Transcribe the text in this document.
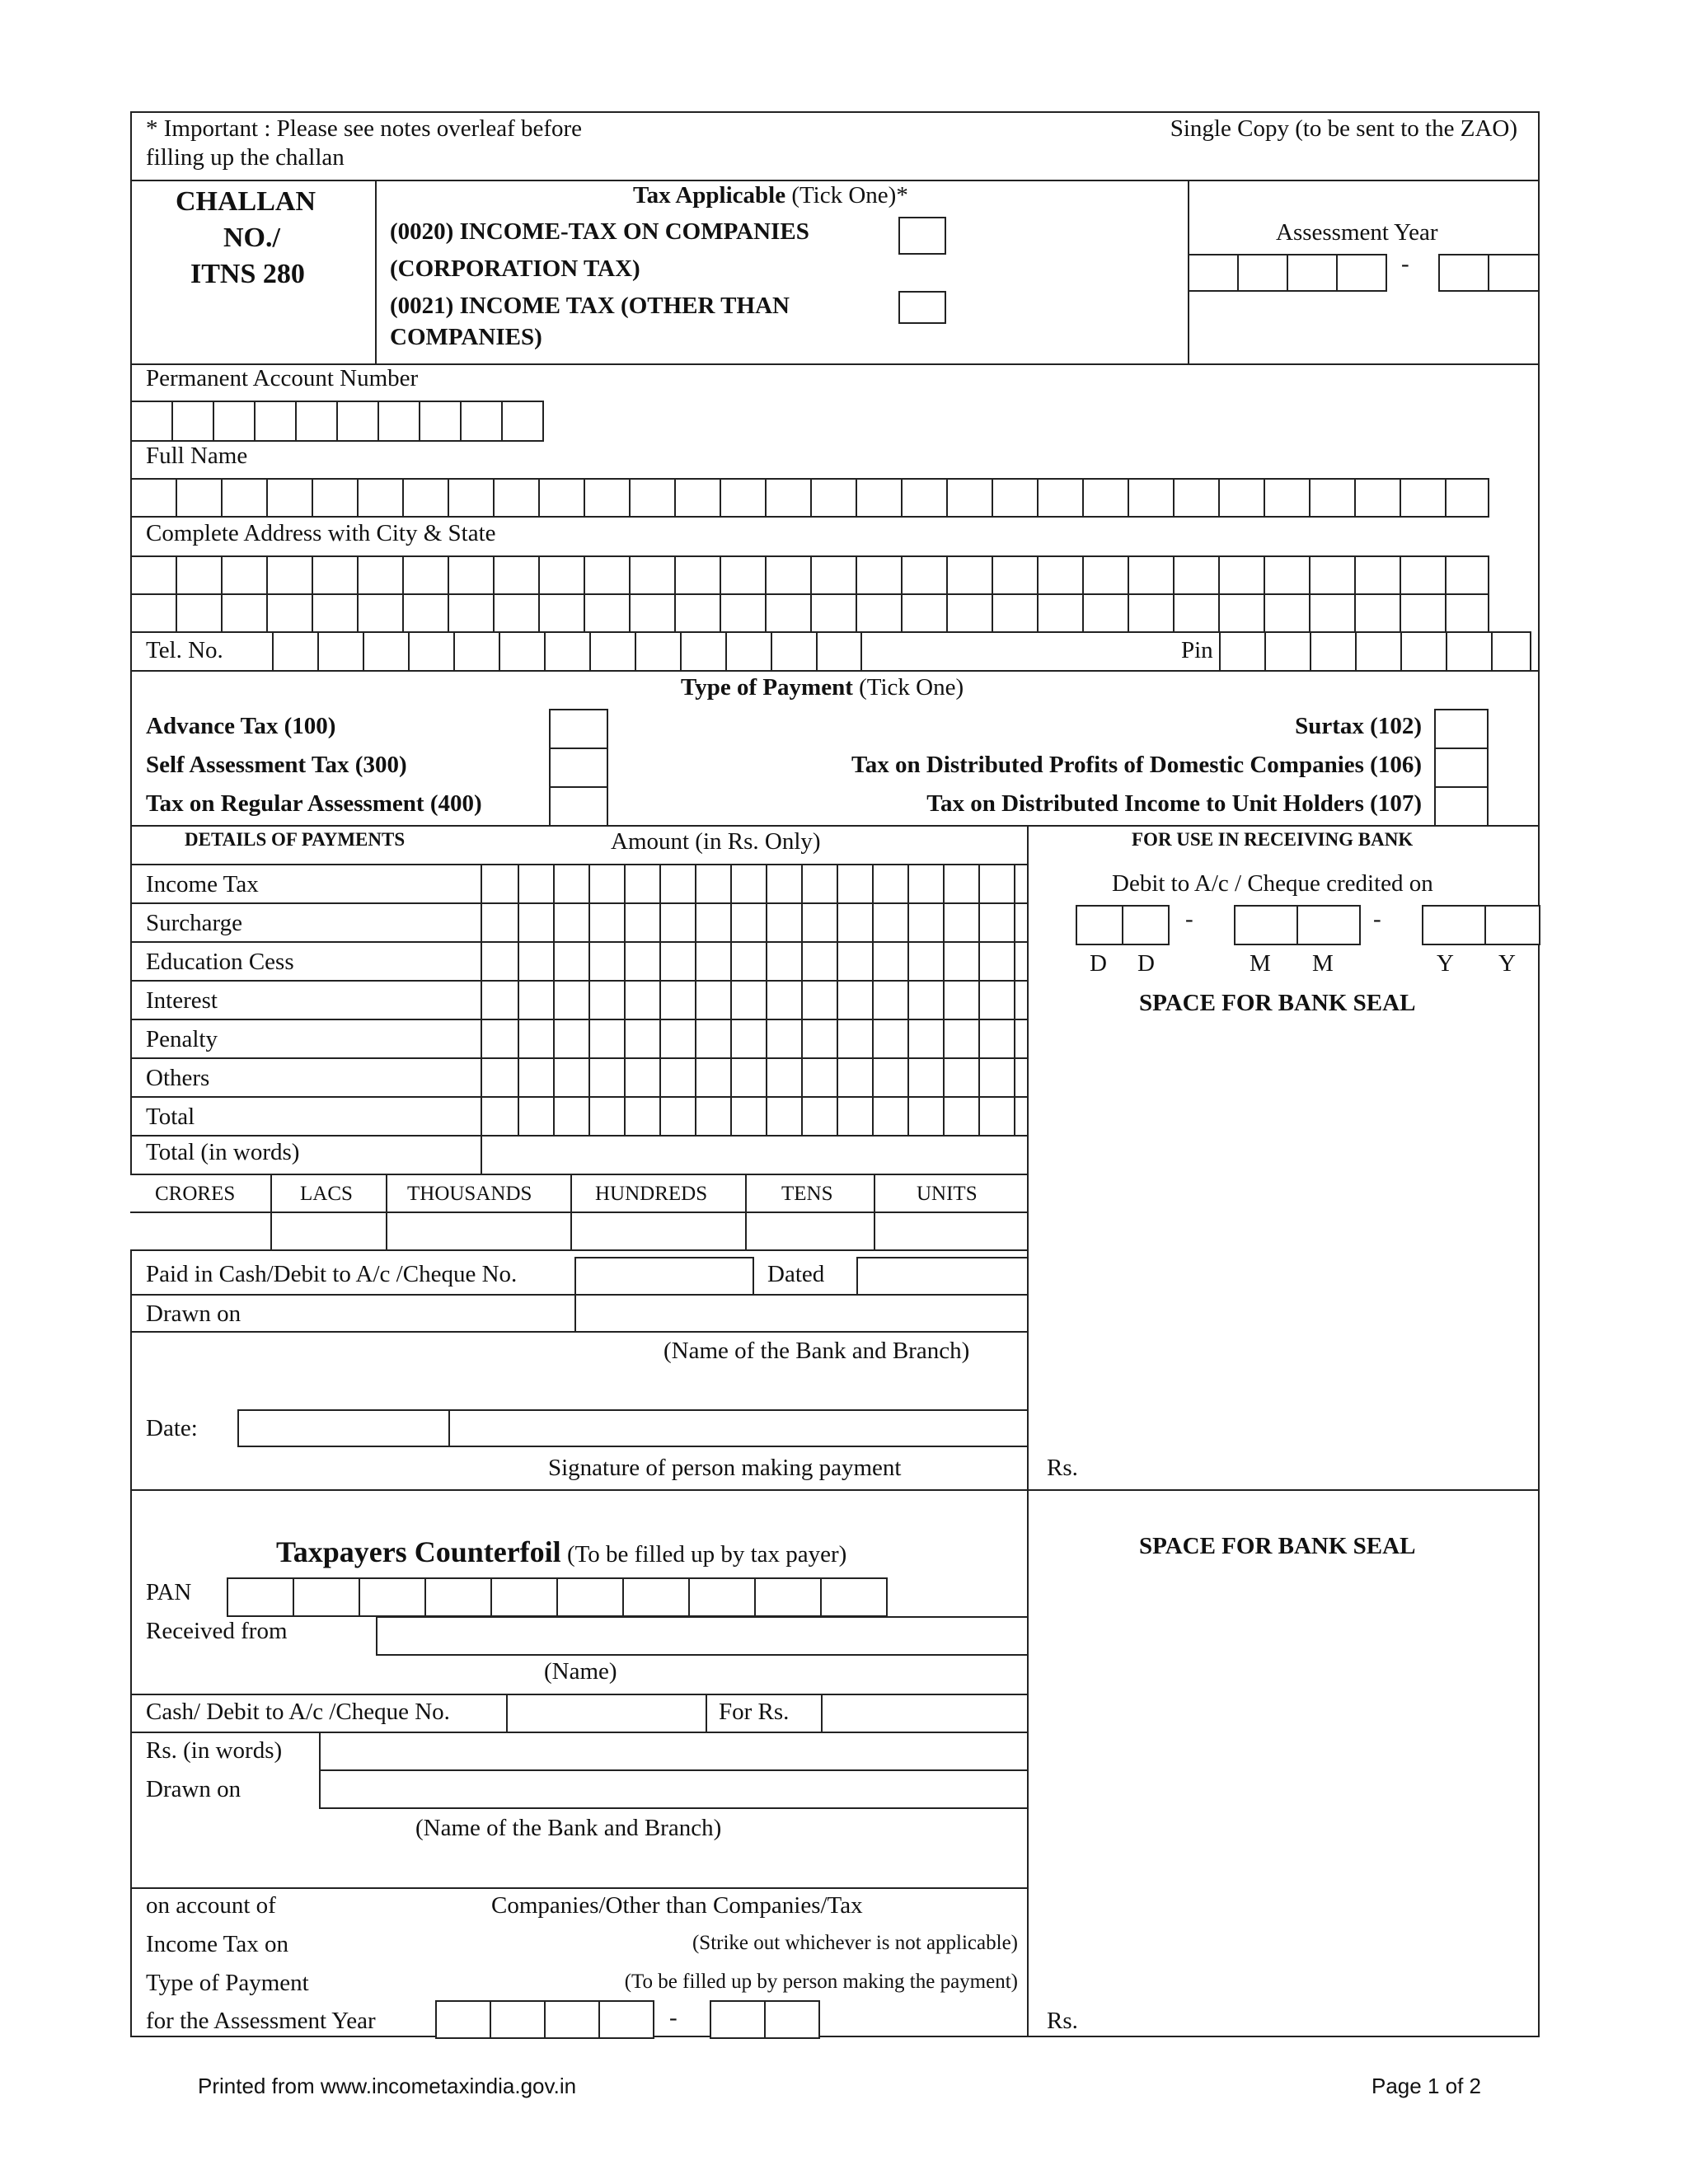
* Important : Please see notes overleaf before
filling up the challan
Single Copy (to be sent to the ZAO)
CHALLAN
NO./
ITNS 280
Tax Applicable (Tick One)*
(0020) INCOME-TAX ON COMPANIES
(CORPORATION TAX)
(0021) INCOME TAX (OTHER THAN
COMPANIES)
Assessment Year
-
Permanent Account Number
Full Name
Complete Address with City & State
Tel. No.	Pin
Type of Payment (Tick One)
Advance Tax (100)
Self Assessment Tax (300)
Tax on Regular Assessment (400)
Surtax (102)
Tax on Distributed Profits of Domestic Companies (106)
Tax on Distributed Income to Unit Holders (107)
DETAILS OF PAYMENTS	Amount (in Rs. Only)
Income Tax
Surcharge
Education Cess
Interest
Penalty
Others
Total
Total (in words)
CRORES	LACS	THOUSANDS	HUNDREDS	TENS	UNITS
Paid in Cash/Debit to A/c /Cheque No.	Dated
Drawn on
(Name of the Bank and Branch)
Date:
Signature of person making payment
FOR USE IN RECEIVING BANK
Debit to A/c / Cheque credited on
-	-
D D	M M	Y Y
SPACE FOR BANK SEAL
Rs.
Taxpayers Counterfoil (To be filled up by tax payer)
PAN
Received from
(Name)
Cash/ Debit to A/c /Cheque No.	For Rs.
Rs. (in words)
Drawn on
(Name of the Bank and Branch)
on account of	Companies/Other than Companies/Tax
Income Tax on	(Strike out whichever is not applicable)
Type of Payment	(To be filled up by person making the payment)
for the Assessment Year	-
SPACE FOR BANK SEAL
Rs.
Printed from www.incometaxindia.gov.in	Page 1 of 2
